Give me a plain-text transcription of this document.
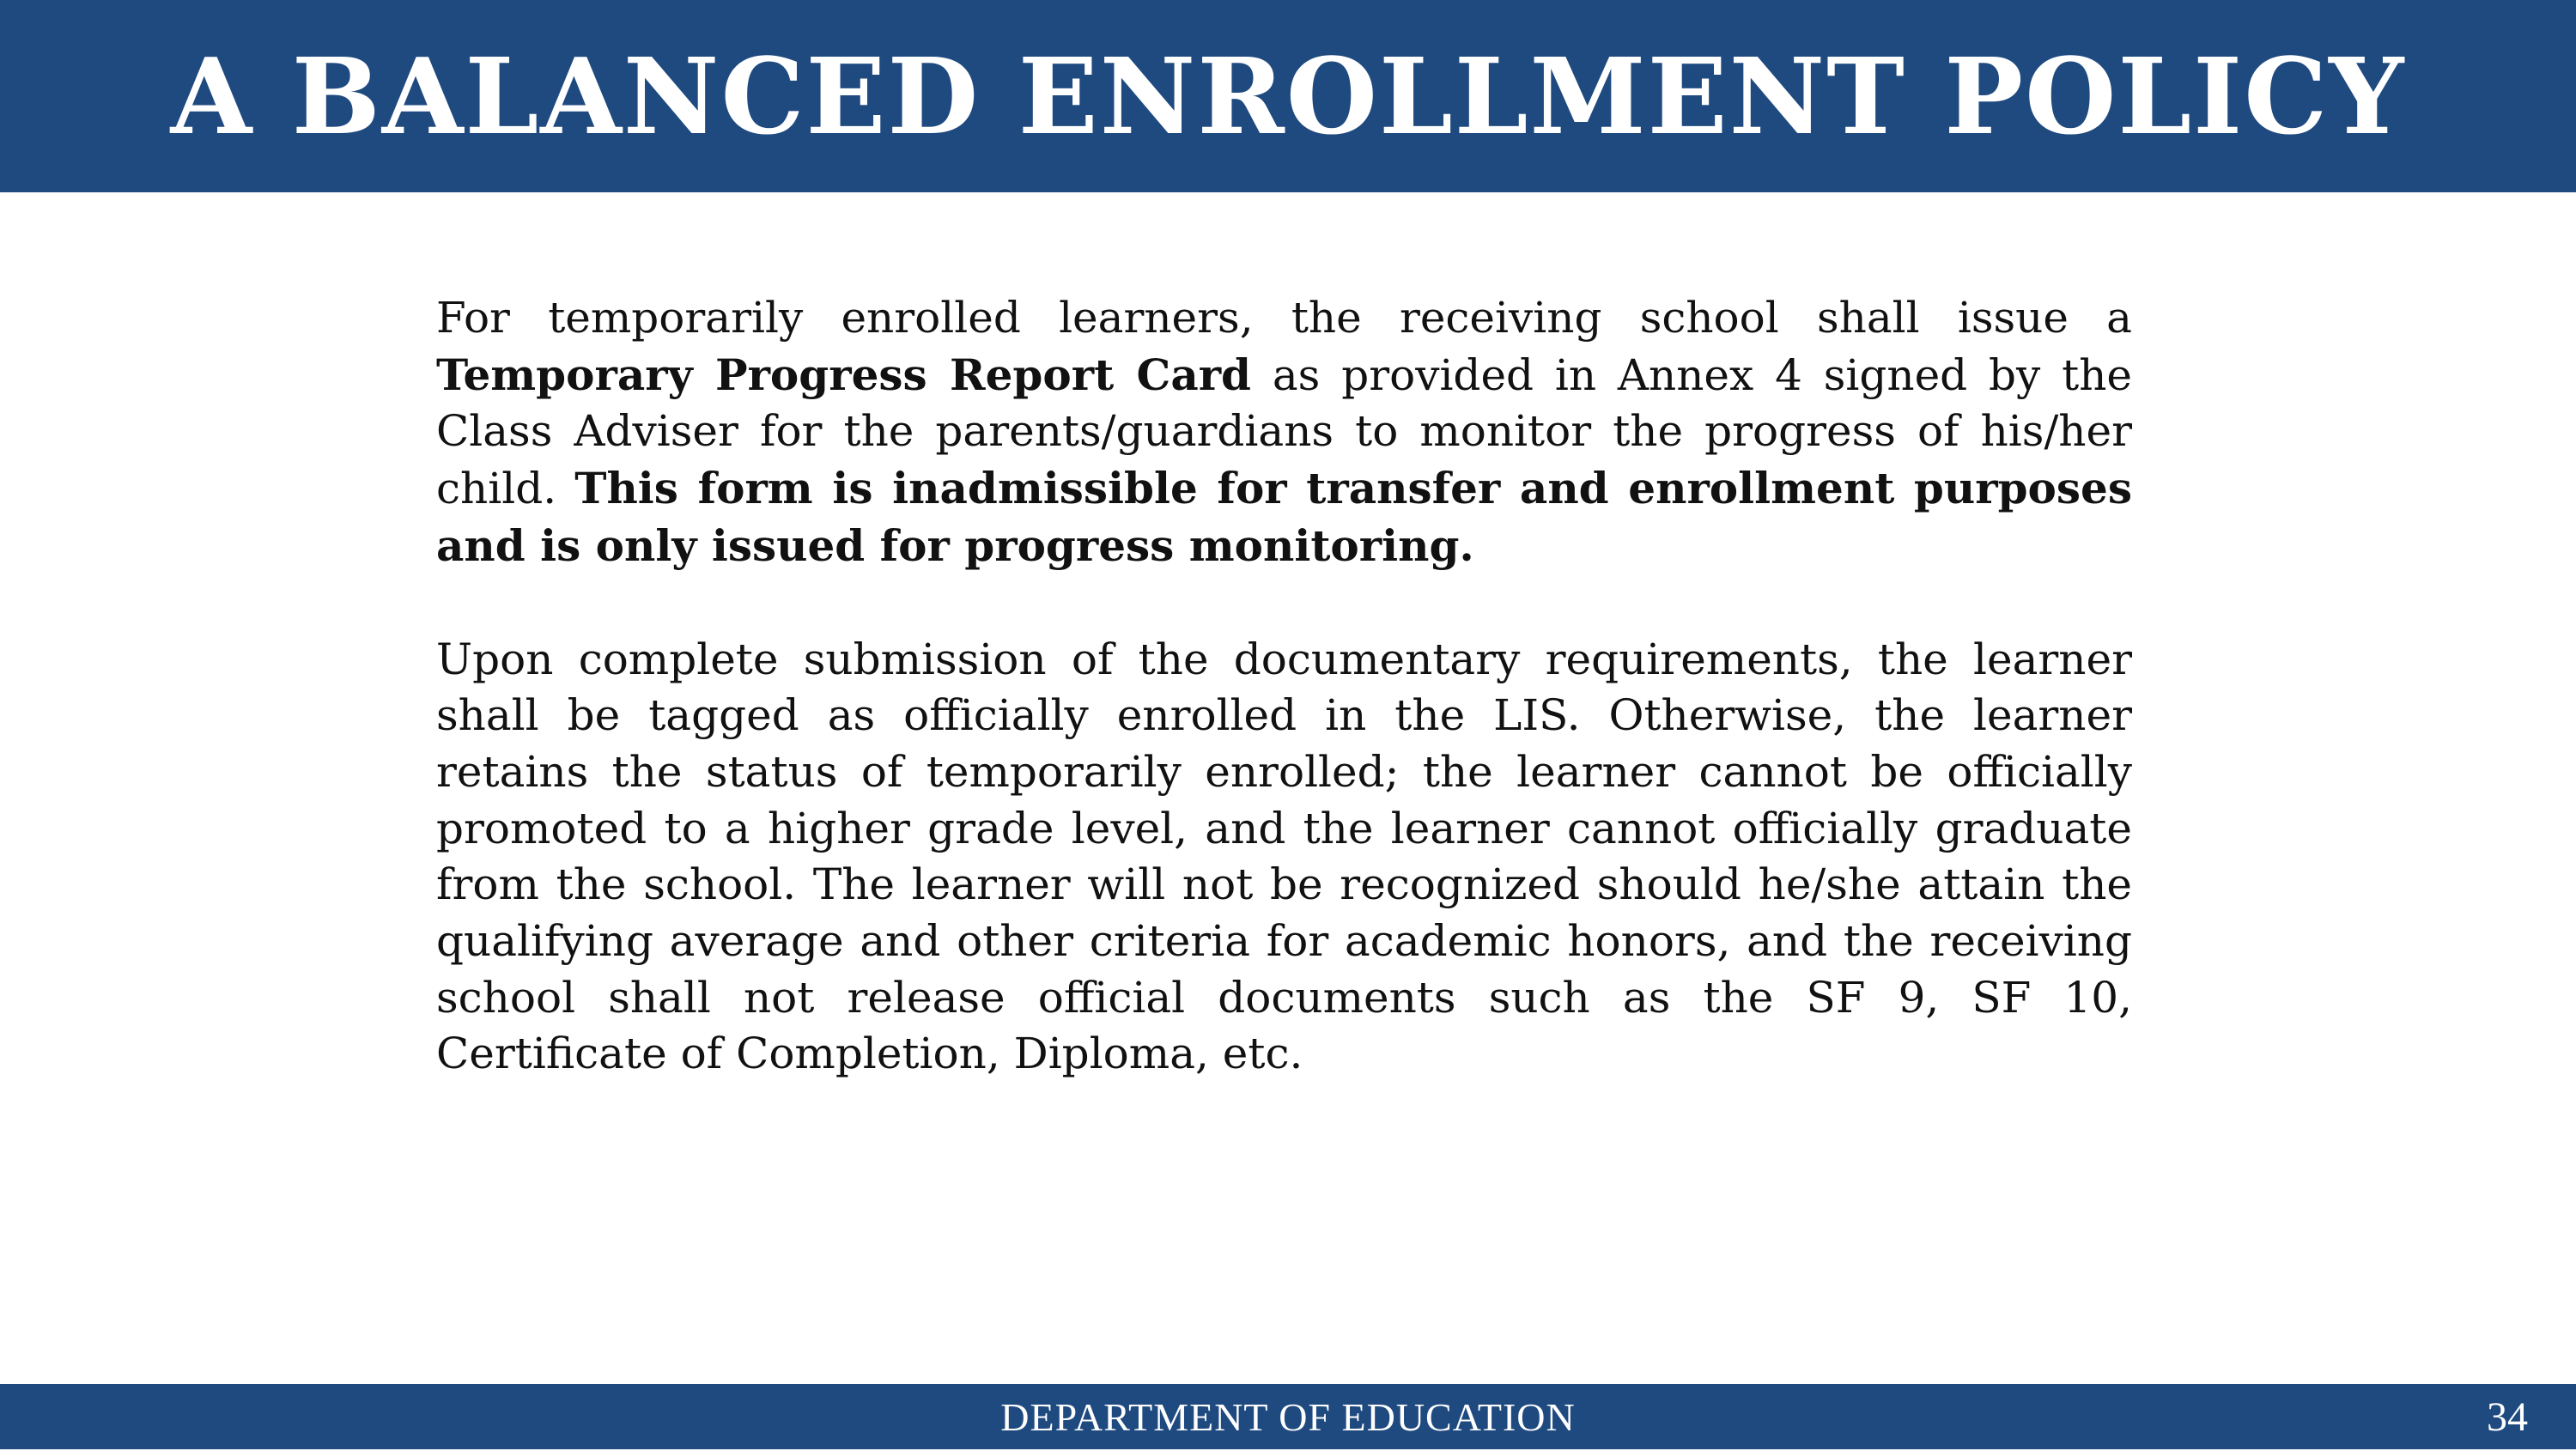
A BALANCED ENROLLMENT POLICY

For temporarily enrolled learners, the receiving school shall issue a Temporary Progress Report Card as provided in Annex 4 signed by the Class Adviser for the parents/guardians to monitor the progress of his/her child. This form is inadmissible for transfer and enrollment purposes and is only issued for progress monitoring.

Upon complete submission of the documentary requirements, the learner shall be tagged as officially enrolled in the LIS. Otherwise, the learner retains the status of temporarily enrolled; the learner cannot be officially promoted to a higher grade level, and the learner cannot officially graduate from the school. The learner will not be recognized should he/she attain the qualifying average and other criteria for academic honors, and the receiving school shall not release official documents such as the SF 9, SF 10, Certificate of Completion, Diploma, etc.

DEPARTMENT OF EDUCATION	34
